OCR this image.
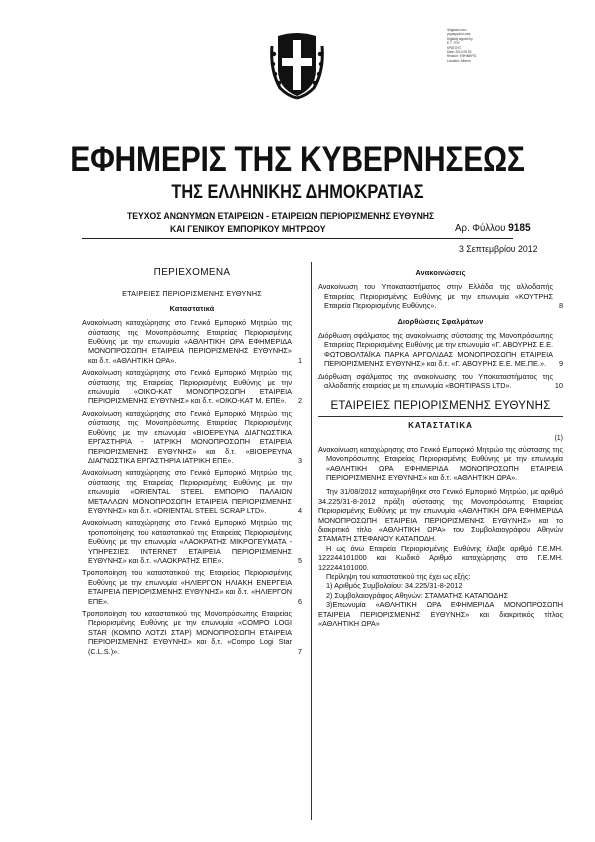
Ψηφιακά υπο-
γεγραμμένο από
Digitally signed by
Ε.Τ. ΤΟΥ
ΚΡΑΤΟΥΣ
Date: 2012.09.03
Reason: ΕΦΗΜΕΡΙΣ
Location: Athens
ΕΦΗΜΕΡΙΣ ΤΗΣ ΚΥΒΕΡΝΗΣΕΩΣ
ΤΗΣ ΕΛΛΗΝΙΚΗΣ ΔΗΜΟΚΡΑΤΙΑΣ
ΤΕΥΧΟΣ ΑΝΩΝΥΜΩΝ ΕΤΑΙΡΕΙΩΝ - ΕΤΑΙΡΕΙΩΝ ΠΕΡΙΟΡΙΣΜΕΝΗΣ ΕΥΘΥΝΗΣ
ΚΑΙ ΓΕΝΙΚΟΥ ΕΜΠΟΡΙΚΟΥ ΜΗΤΡΩΟΥ	Αρ. Φύλλου 9185
3 Σεπτεμβρίου 2012
ΠΕΡΙΕΧΟΜΕΝΑ
ΕΤΑΙΡΕΙΕΣ ΠΕΡΙΟΡΙΣΜΕΝΗΣ ΕΥΘΥΝΗΣ
Καταστατικά
Ανακοίνωση καταχώρησης στο Γενικό Εμπορικό Μητρώο της σύστασης της Μονοπρόσωπης Εταιρείας Περιορισμένης Ευθύνης με την επωνυμία «ΑΘΛΗΤΙΚΗ ΩΡΑ ΕΦΗΜΕΡΙΔΑ ΜΟΝΟΠΡΟΣΩΠΗ ΕΤΑΙΡΕΙΑ ΠΕΡΙΟΡΙΣΜΕΝΗΣ ΕΥΘΥΝΗΣ» και δ.τ. «ΑΘΛΗΤΙΚΗ ΩΡΑ».	1
Ανακοίνωση καταχώρησης στο Γενικό Εμπορικό Μητρώο της σύστασης της Εταιρείας Περιορισμένης Ευθύνης με την επωνυμία «ΟΙΚΟ-ΚΑΤ ΜΟΝΟΠΡΟΣΩΠΗ ΕΤΑΙΡΕΙΑ ΠΕΡΙΟΡΙΣΜΕΝΗΣ ΕΥΘΥΝΗΣ» και δ.τ. «ΟΙΚΟ-ΚΑΤ Μ. ΕΠΕ».	2
Ανακοίνωση καταχώρησης στο Γενικό Εμπορικό Μητρώο της σύστασης της Μονοπρόσωπης Εταιρείας Περιορισμένης Ευθύνης με την επωνυμία «ΒΙΟΕΡΕΥΝΑ ΔΙΑΓΝΩΣΤΙΚΑ ΕΡΓΑΣΤΗΡΙΑ - ΙΑΤΡΙΚΗ ΜΟΝΟΠΡΟΣΩΠΗ ΕΤΑΙΡΕΙΑ ΠΕΡΙΟΡΙΣΜΕΝΗΣ ΕΥΘΥΝΗΣ» και δ.τ. «ΒΙΟΕΡΕΥΝΑ ΔΙΑΓΝΩΣΤΙΚΑ ΕΡΓΑΣΤΗΡΙΑ ΙΑΤΡΙΚΗ ΕΠΕ».	3
Ανακοίνωση καταχώρησης στο Γενικό Εμπορικό Μητρώο της σύστασης της Εταιρείας Περιορισμένης Ευθύνης με την επωνυμία «ORIENTAL STEEL ΕΜΠΟΡΙΟ ΠΑΛΑΙΩΝ ΜΕΤΑΛΛΩΝ ΜΟΝΟΠΡΟΣΩΠΗ ΕΤΑΙΡΕΙΑ ΠΕΡΙΟΡΙΣΜΕΝΗΣ ΕΥΘΥΝΗΣ» και δ.τ. «ORIENTAL STEEL SCRAP LTD».	4
Ανακοίνωση καταχώρησης στο Γενικό Εμπορικό Μητρώο της τροποποίησης του καταστατικού της Εταιρείας Περιορισμένης Ευθύνης με την επωνυμία «ΛΑΟΚΡΑΤΗΣ ΜΙΚΡΟΓΕΥΜΑΤΑ - ΥΠΗΡΕΣΙΕΣ INTERNET ΕΤΑΙΡΕΙΑ ΠΕΡΙΟΡΙΣΜΕΝΗΣ ΕΥΘΥΝΗΣ» και δ.τ. «ΛΑΟΚΡΑΤΗΣ ΕΠΕ».	5
Τροποποίηση του καταστατικού της Εταιρείας Περιορισμένης Ευθύνης με την επωνυμία «ΗΛΙΕΡΓΟΝ ΗΛΙΑΚΗ ΕΝΕΡΓΕΙΑ ΕΤΑΙΡΕΙΑ ΠΕΡΙΟΡΙΣΜΕΝΗΣ ΕΥΘΥΝΗΣ» και δ.τ. «ΗΛΙΕΡΓΟΝ ΕΠΕ».	6
Τροποποίηση του καταστατικού της Μονοπρόσωπης Εταιρείας Περιορισμένης Ευθύνης με την επωνυμία «COMPO LOGI STAR (ΚΟΜΠΟ ΛΟΤΖΙ ΣΤΑΡ) ΜΟΝΟΠΡΟΣΩΠΗ ΕΤΑΙΡΕΙΑ ΠΕΡΙΟΡΙΣΜΕΝΗΣ ΕΥΘΥΝΗΣ» και δ.τ. «Compo Logi Star (C.L.S.)».	7
Ανακοινώσεις
Ανακοίνωση του Υποκαταστήματος στην Ελλάδα της αλλοδαπής Εταιρείας Περιορισμένης Ευθύνης με την επωνυμία «ΚΟΥΤΡΗΣ Εταιρεία Περιορισμένης Ευθύνης».	8
Διορθώσεις Σφαλμάτων
Διόρθωση σφάλματος της ανακοίνωσης σύστασης της Μονοπρόσωπης Εταιρείας Περιορισμένης Ευθύνης με την επωνυμία «Γ. ΑΒΟΥΡΗΣ Ε.Ε. ΦΩΤΟΒΟΛΤΑΪΚΑ ΠΑΡΚΑ ΑΡΓΟΛΙΔΑΣ ΜΟΝΟΠΡΟΣΩΠΗ ΕΤΑΙΡΕΙΑ ΠΕΡΙΟΡΙΣΜΕΝΗΣ ΕΥΘΥΝΗΣ» και δ.τ. «Γ. ΑΒΟΥΡΗΣ Ε.Ε. ΜΕ.ΠΕ.».	9
Διόρθωση σφάλματος της ανακοίνωσης του Υποκαταστήματος της αλλοδαπής εταιρείας με τη επωνυμία «BORTIPASS LTD».	10
ΕΤΑΙΡΕΙΕΣ ΠΕΡΙΟΡΙΣΜΕΝΗΣ ΕΥΘΥΝΗΣ
ΚΑΤΑΣΤΑΤΙΚΑ
(1)
Ανακοίνωση καταχώρησης στο Γενικό Εμπορικό Μητρώο της σύστασης της Μονοπρόσωπης Εταιρείας Περιορισμένης Ευθύνης με την επωνυμία «ΑΘΛΗΤΙΚΗ ΩΡΑ ΕΦΗΜΕΡΙΔΑ ΜΟΝΟΠΡΟΣΩΠΗ ΕΤΑΙΡΕΙΑ ΠΕΡΙΟΡΙΣΜΕΝΗΣ ΕΥΘΥΝΗΣ» και δ.τ. «ΑΘΛΗΤΙΚΗ ΩΡΑ».
Την 31/08/2012 καταχωρήθηκε στο Γενικό Εμπορικό Μητρώο, με αριθμό 34.225/31-8-2012 πράξη σύστασης της Μονοπρόσωπης Εταιρείας Περιορισμένης Ευθύνης με την επωνυμία «ΑΘΛΗΤΙΚΗ ΩΡΑ ΕΦΗΜΕΡΙΔΑ ΜΟΝΟΠΡΟΣΩΠΗ ΕΤΑΙΡΕΙΑ ΠΕΡΙΟΡΙΣΜΕΝΗΣ ΕΥΘΥΝΗΣ» και το διακριτικό τίτλο «ΑΘΛΗΤΙΚΗ ΩΡΑ» του Συμβολαιογράφου Αθηνών ΣΤΑΜΑΤΗ ΣΤΕΦΑΝΟΥ ΚΑΤΑΠΟΔΗ.
Η ως άνω Εταιρεία Περιορισμένης Ευθύνης έλαβε αριθμό Γ.Ε.ΜΗ. 122244101000 και Κωδικό Αριθμό καταχώρησης στο Γ.Ε.ΜΗ. 122244101000.
Περίληψη του καταστατικού της έχει ως εξής:
1) Αριθμός Συμβολαίου: 34.225/31-8-2012
2) Συμβολαιογράφος Αθηνών: ΣΤΑΜΑΤΗΣ ΚΑΤΑΠΟΔΗΣ
3)Επωνυμία «ΑΘΛΗΤΙΚΗ ΩΡΑ ΕΦΗΜΕΡΙΔΑ ΜΟΝΟΠΡΟΣΩΠΗ ΕΤΑΙΡΕΙΑ ΠΕΡΙΟΡΙΣΜΕΝΗΣ ΕΥΘΥΝΗΣ» και διακριτικός τίτλος «ΑΘΛΗΤΙΚΗ ΩΡΑ»
